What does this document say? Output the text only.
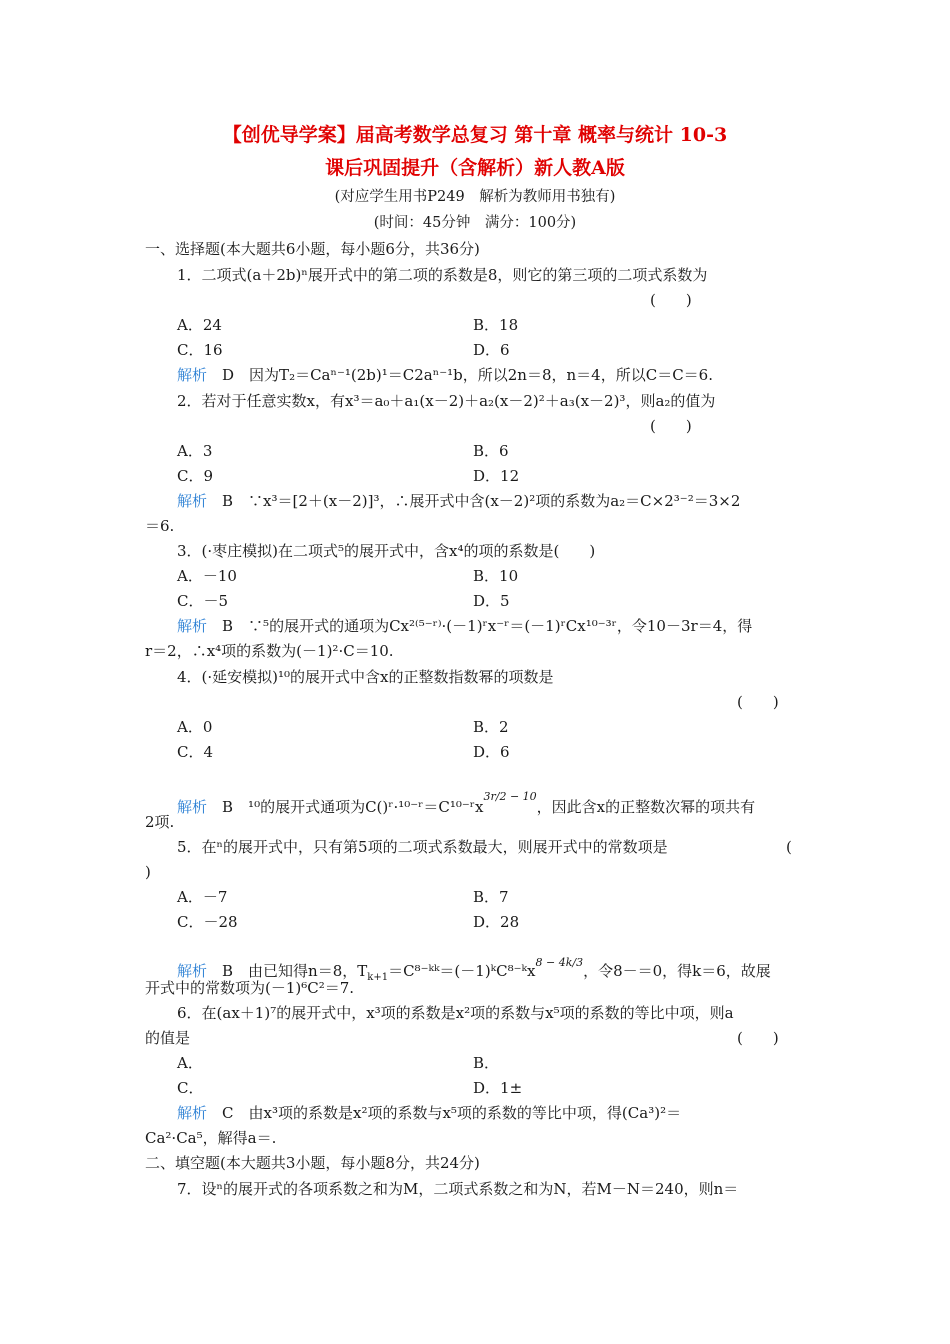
【创优导学案】届高考数学总复习 第十章 概率与统计 10-3
课后巩固提升（含解析）新人教A版
(对应学生用书P249　解析为教师用书独有)
(时间：45分钟　满分：100分)
一、选择题(本大题共6小题，每小题6分，共36分)
1．二项式(a＋2b)ⁿ展开式中的第二项的系数是8，则它的第三项的二项式系数为
(　　)
A．24	B．18
C．16	D．6
解析　 D　因为T₂＝Caⁿ⁻¹(2b)¹＝C2aⁿ⁻¹b，所以2n＝8，n＝4，所以C＝C＝6.
2．若对于任意实数x，有x³＝a₀＋a₁(x－2)＋a₂(x－2)²＋a₃(x－2)³，则a₂的值为
(　　)
A．3	B．6
C．9	D．12
解析　 B　∵x³＝[2＋(x－2)]³，∴展开式中含(x－2)²项的系数为a₂＝C×2³⁻²＝3×2
＝6.
3．(·枣庄模拟)在二项式⁵的展开式中，含x⁴的项的系数是(　　)
A．－10	B．10
C．－5	D．5
解析　 B　∵⁵的展开式的通项为Cx²⁽⁵⁻ʳ⁾·(－1)ʳx⁻ʳ＝(－1)ʳCx¹⁰⁻³ʳ，令10－3r＝4，得
r＝2，∴x⁴项的系数为(－1)²·C＝10.
4．(·延安模拟)¹⁰的展开式中含x的正整数指数幂的项数是
(　　)
A．0	B．2
C．4	D．6
解析　 B　¹⁰的展开式通项为C()ʳ·¹⁰⁻ʳ＝C¹⁰⁻ʳx$^{3r/2 - 10}$，因此含x的正整数次幂的项共有
2项.
5．在ⁿ的展开式中，只有第5项的二项式系数最大，则展开式中的常数项是	(
)
A．－7	B．7
C．－28	D．28
解析　 B　由已知得n＝8，$T_{k+1}=C^{8-}ᵏᵏ=(-1)ᵏC^{8-}ᵏx^{8 - 4k/3}$，令8－＝0，得k＝6，故展
开式中的常数项为(－1)⁶C²＝7.
6．在(ax＋1)⁷的展开式中，x³项的系数是x²项的系数与x⁵项的系数的等比中项，则a
的值是	(　　)
A．	B．
C．	D．1±
解析　 C　由x³项的系数是x²项的系数与x⁵项的系数的等比中项，得(Ca³)²＝
Ca²·Ca⁵，解得a＝.
二、填空题(本大题共3小题，每小题8分，共24分)
7．设ⁿ的展开式的各项系数之和为M，二项式系数之和为N，若M－N＝240，则n＝
